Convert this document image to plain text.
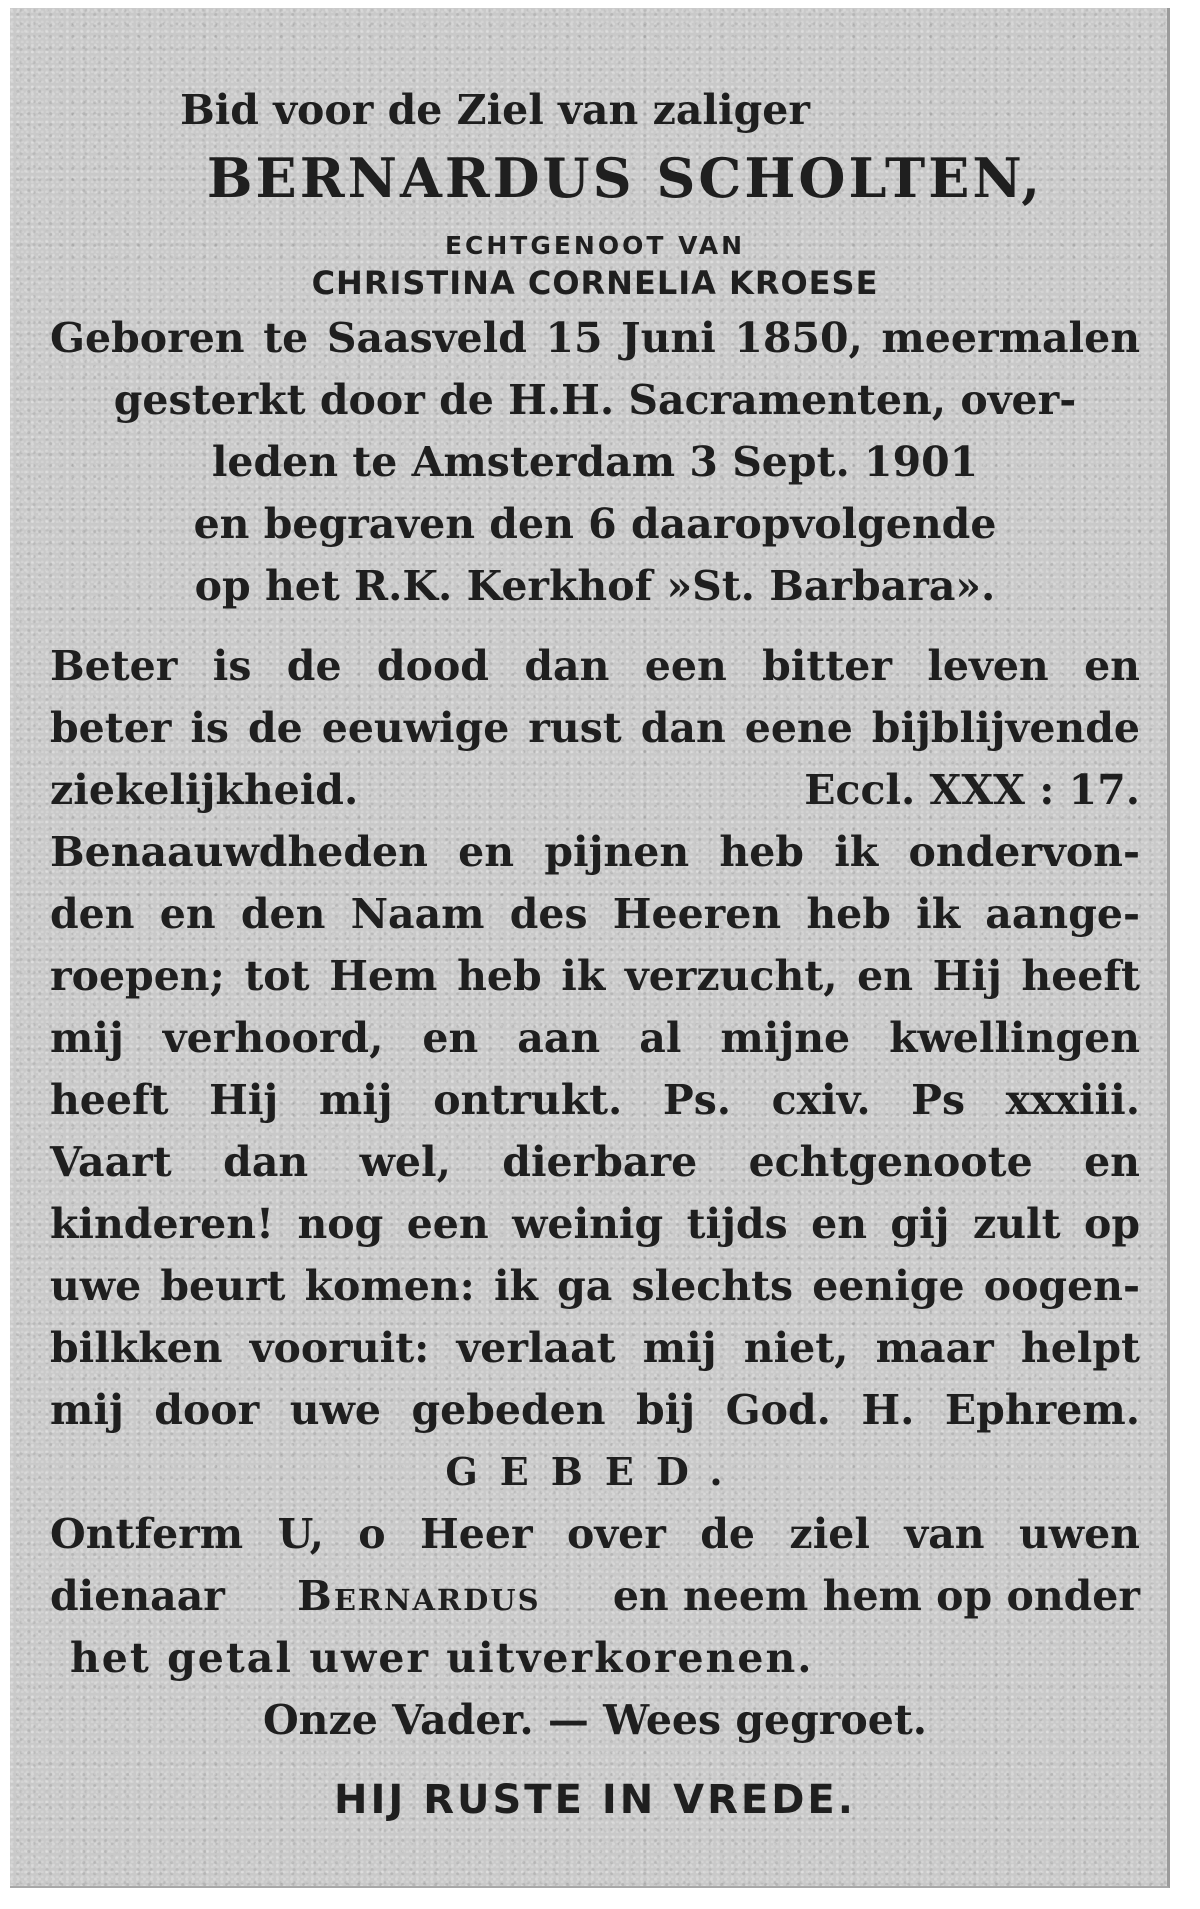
Bid voor de Ziel van zaliger
BERNARDUS SCHOLTEN,
ECHTGENOOT VAN
CHRISTINA CORNELIA KROESE
Geboren te Saasveld 15 Juni 1850, meermalen
gesterkt door de H.H. Sacramenten, over-
leden te Amsterdam 3 Sept. 1901
en begraven den 6 daaropvolgende
op het R.K. Kerkhof »St. Barbara».
Beter is de dood dan een bitter leven en
beter is de eeuwige rust dan eene bijblijvende
ziekelijkheid.	Eccl. XXX : 17.
Benaauwdheden en pijnen heb ik ondervon-
den en den Naam des Heeren heb ik aange-
roepen; tot Hem heb ik verzucht, en Hij heeft
mij verhoord, en aan al mijne kwellingen
heeft Hij mij ontrukt. Ps. cxiv. Ps xxxiii.
Vaart dan wel, dierbare echtgenoote en
kinderen! nog een weinig tijds en gij zult op
uwe beurt komen: ik ga slechts eenige oogen-
bilkken vooruit: verlaat mij niet, maar helpt
mij door uwe gebeden bij God. H. Ephrem.
GEBED.
Ontferm U, o Heer over de ziel van uwen
dienaar Bernardus en neem hem op onder
het getal uwer uitverkorenen.
Onze Vader. — Wees gegroet.
HIJ RUSTE IN VREDE.
